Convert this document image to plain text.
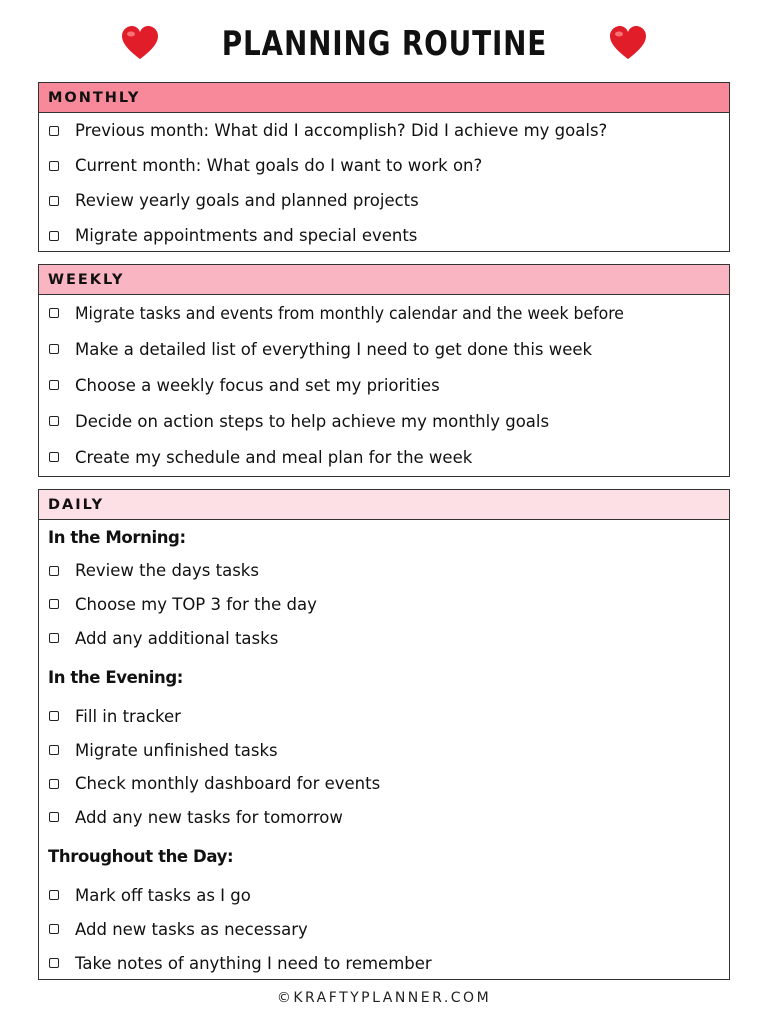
PLANNING ROUTINE
MONTHLY
Previous month: What did I accomplish? Did I achieve my goals?
Current month: What goals do I want to work on?
Review yearly goals and planned projects
Migrate appointments and special events
WEEKLY
Migrate tasks and events from monthly calendar and the week before
Make a detailed list of everything I need to get done this week
Choose a weekly focus and set my priorities
Decide on action steps to help achieve my monthly goals
Create my schedule and meal plan for the week
DAILY
In the Morning:
Review the days tasks
Choose my TOP 3 for the day
Add any additional tasks
In the Evening:
Fill in tracker
Migrate unfinished tasks
Check monthly dashboard for events
Add any new tasks for tomorrow
Throughout the Day:
Mark off tasks as I go
Add new tasks as necessary
Take notes of anything I need to remember
©KRAFTYPLANNER.COM
